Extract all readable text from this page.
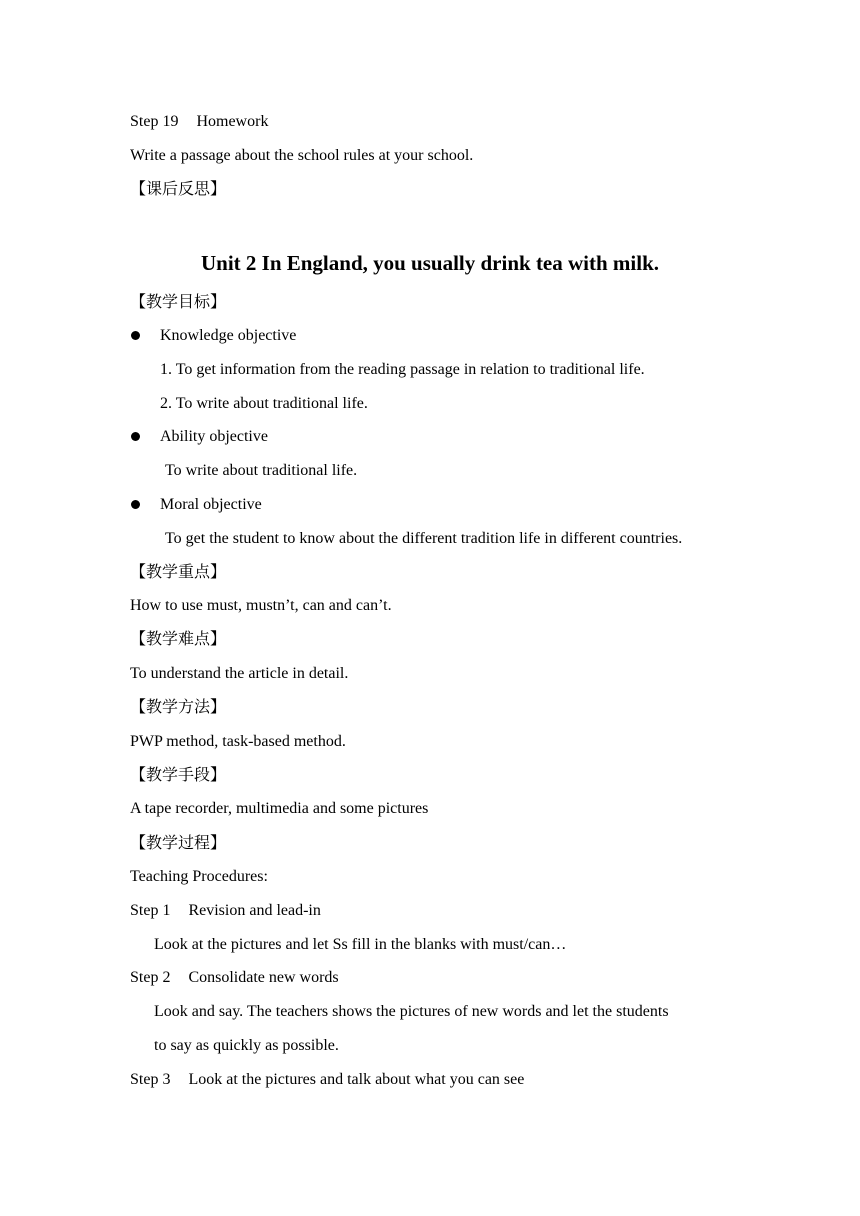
Step 19 Homework
Write a passage about the school rules at your school.
【课后反思】
Unit 2 In England, you usually drink tea with milk.
【教学目标】
Knowledge objective
1. To get information from the reading passage in relation to traditional life.
2. To write about traditional life.
Ability objective
To write about traditional life.
Moral objective
To get the student to know about the different tradition life in different countries.
【教学重点】
How to use must, mustn’t, can and can’t.
【教学难点】
To understand the article in detail.
【教学方法】
PWP method, task-based method.
【教学手段】
A tape recorder, multimedia and some pictures
【教学过程】
Teaching Procedures:
Step 1 Revision and lead-in
Look at the pictures and let Ss fill in the blanks with must/can…
Step 2 Consolidate new words
Look and say. The teachers shows the pictures of new words and let the students
to say as quickly as possible.
Step 3 Look at the pictures and talk about what you can see
